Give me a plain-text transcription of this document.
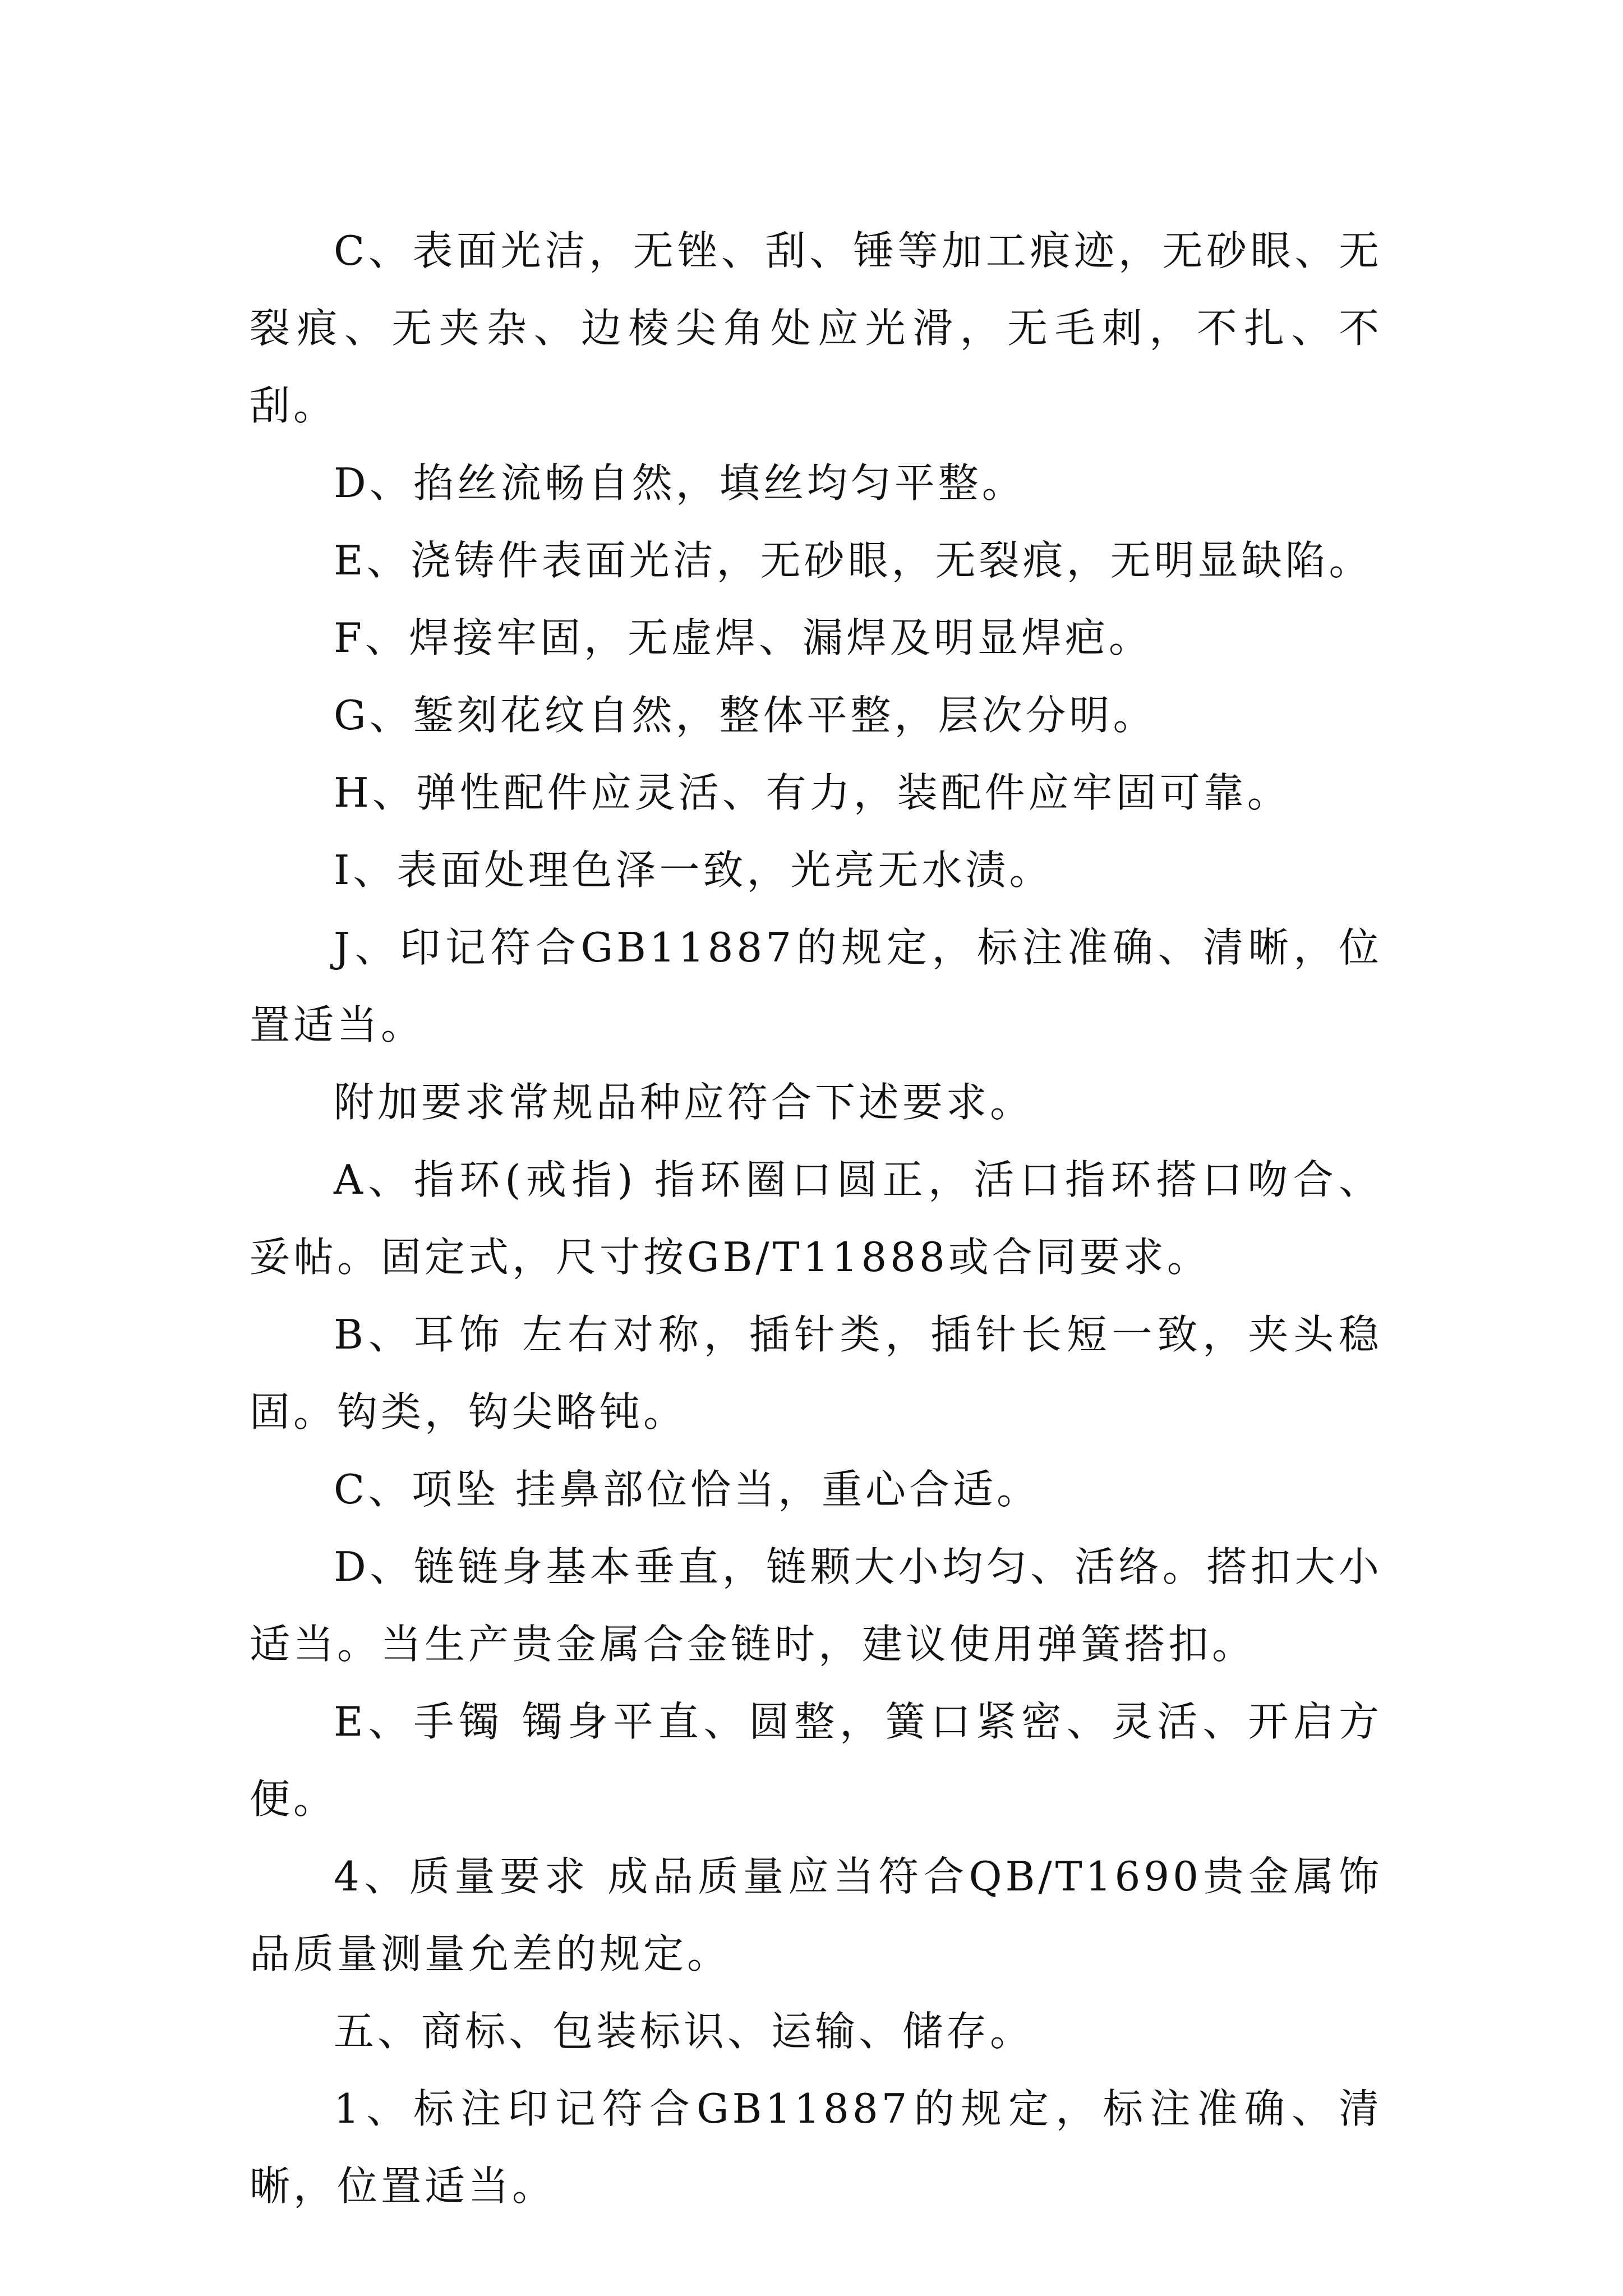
C、表面光洁，无锉、刮、锤等加工痕迹，无砂眼、无裂痕、无夹杂、边棱尖角处应光滑，无毛刺，不扎、不刮。

D、掐丝流畅自然，填丝均匀平整。

E、浇铸件表面光洁，无砂眼，无裂痕，无明显缺陷。

F、焊接牢固，无虚焊、漏焊及明显焊疤。

G、錾刻花纹自然，整体平整，层次分明。

H、弹性配件应灵活、有力，装配件应牢固可靠。

I、表面处理色泽一致，光亮无水渍。

J、印记符合GB11887的规定，标注准确、清晰，位置适当。

附加要求常规品种应符合下述要求。

A、指环(戒指) 指环圈口圆正，活口指环搭口吻合、妥帖。固定式，尺寸按GB/T11888或合同要求。

B、耳饰 左右对称，插针类，插针长短一致，夹头稳固。钩类，钩尖略钝。

C、项坠 挂鼻部位恰当，重心合适。

D、链链身基本垂直，链颗大小均匀、活络。搭扣大小适当。当生产贵金属合金链时，建议使用弹簧搭扣。

E、手镯 镯身平直、圆整，簧口紧密、灵活、开启方便。

4、质量要求 成品质量应当符合QB/T1690贵金属饰品质量测量允差的规定。

五、商标、包装标识、运输、储存。

1、标注印记符合GB11887的规定，标注准确、清晰，位置适当。
